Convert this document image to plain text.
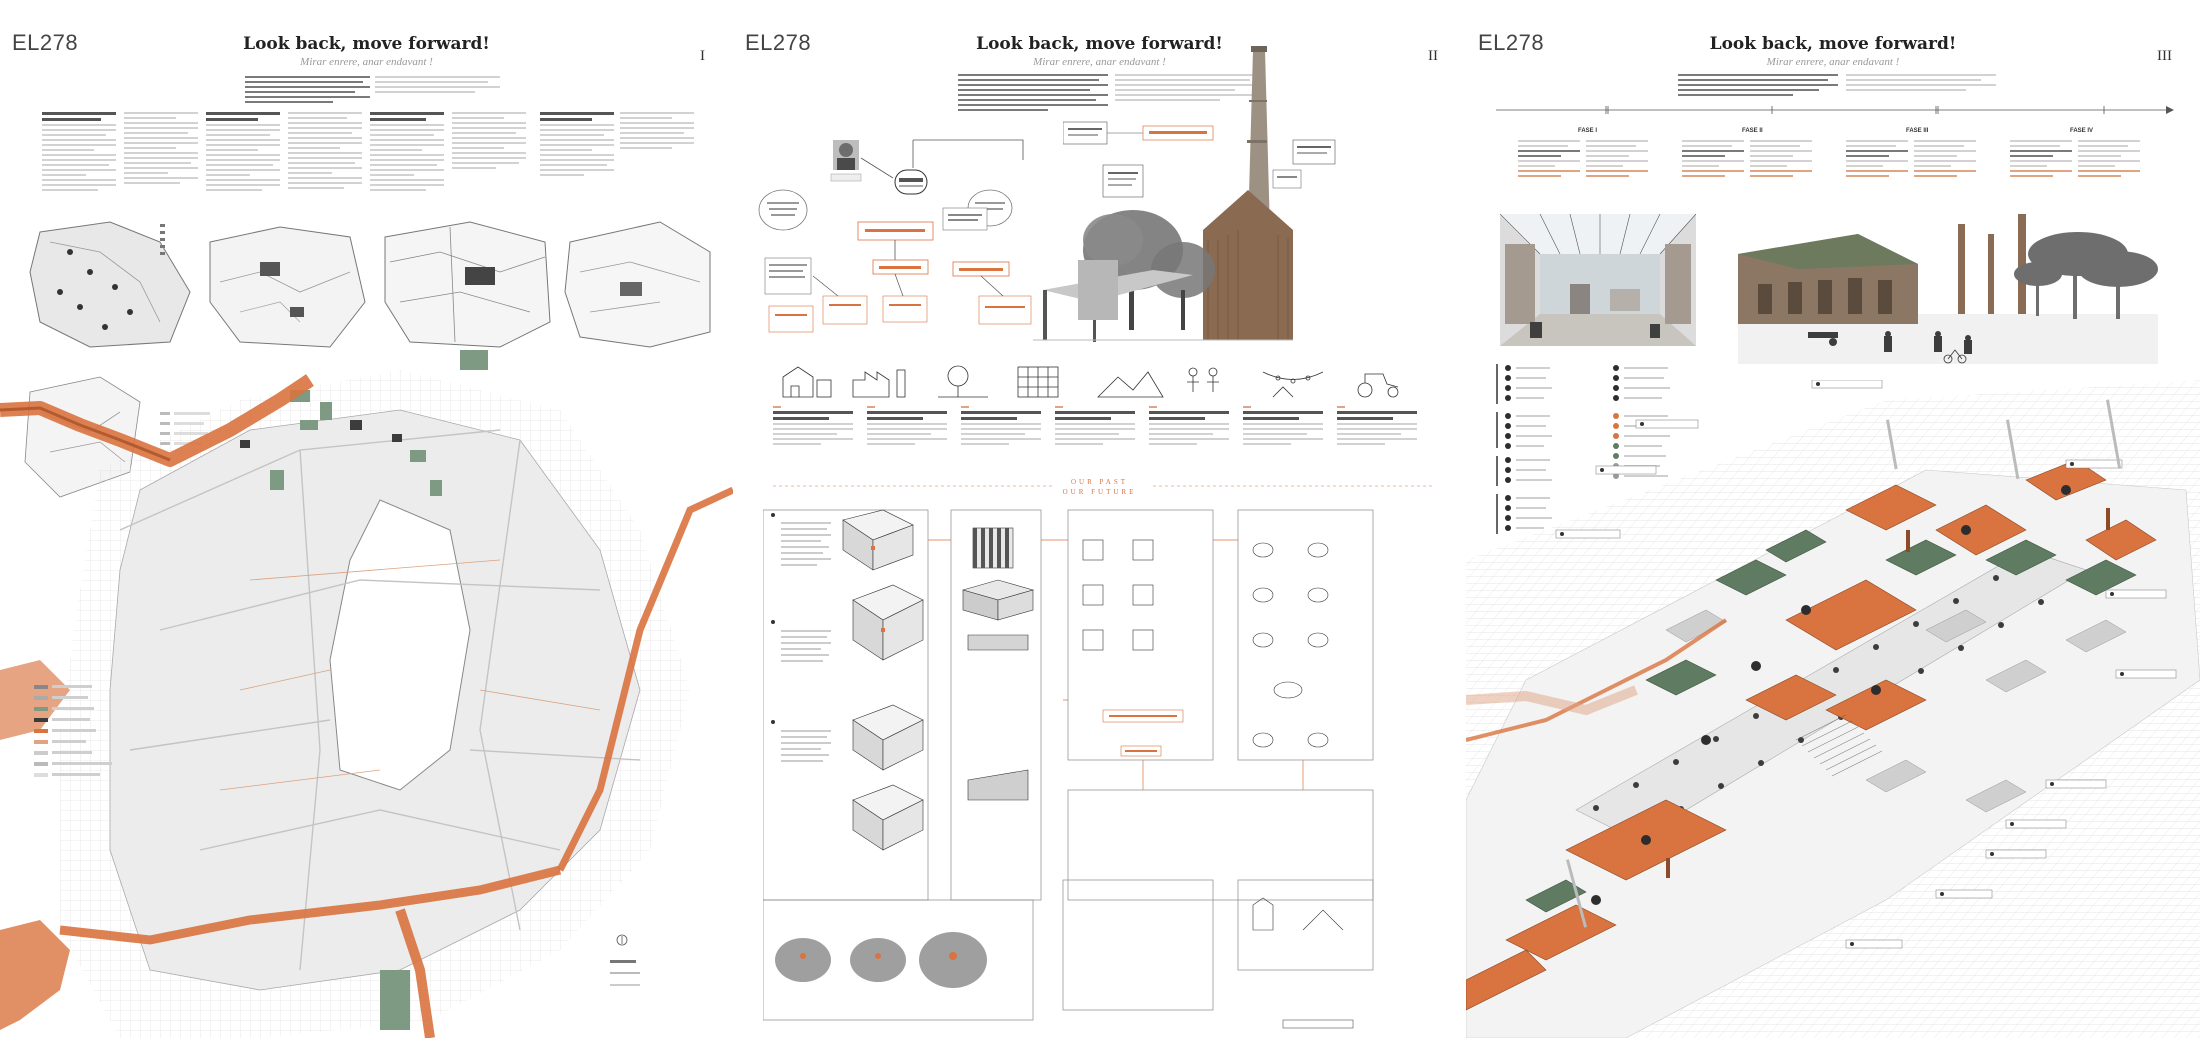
EL278	Look back, move forward!
Mirar enrere, anar endavant !	I
EL278	Look back, move forward!
Mirar enrere, anar endavant !	II
OUR PAST
OUR FUTURE
EL278	Look back, move forward!
Mirar enrere, anar endavant !	III
FASE I	FASE II	FASE III	FASE IV
